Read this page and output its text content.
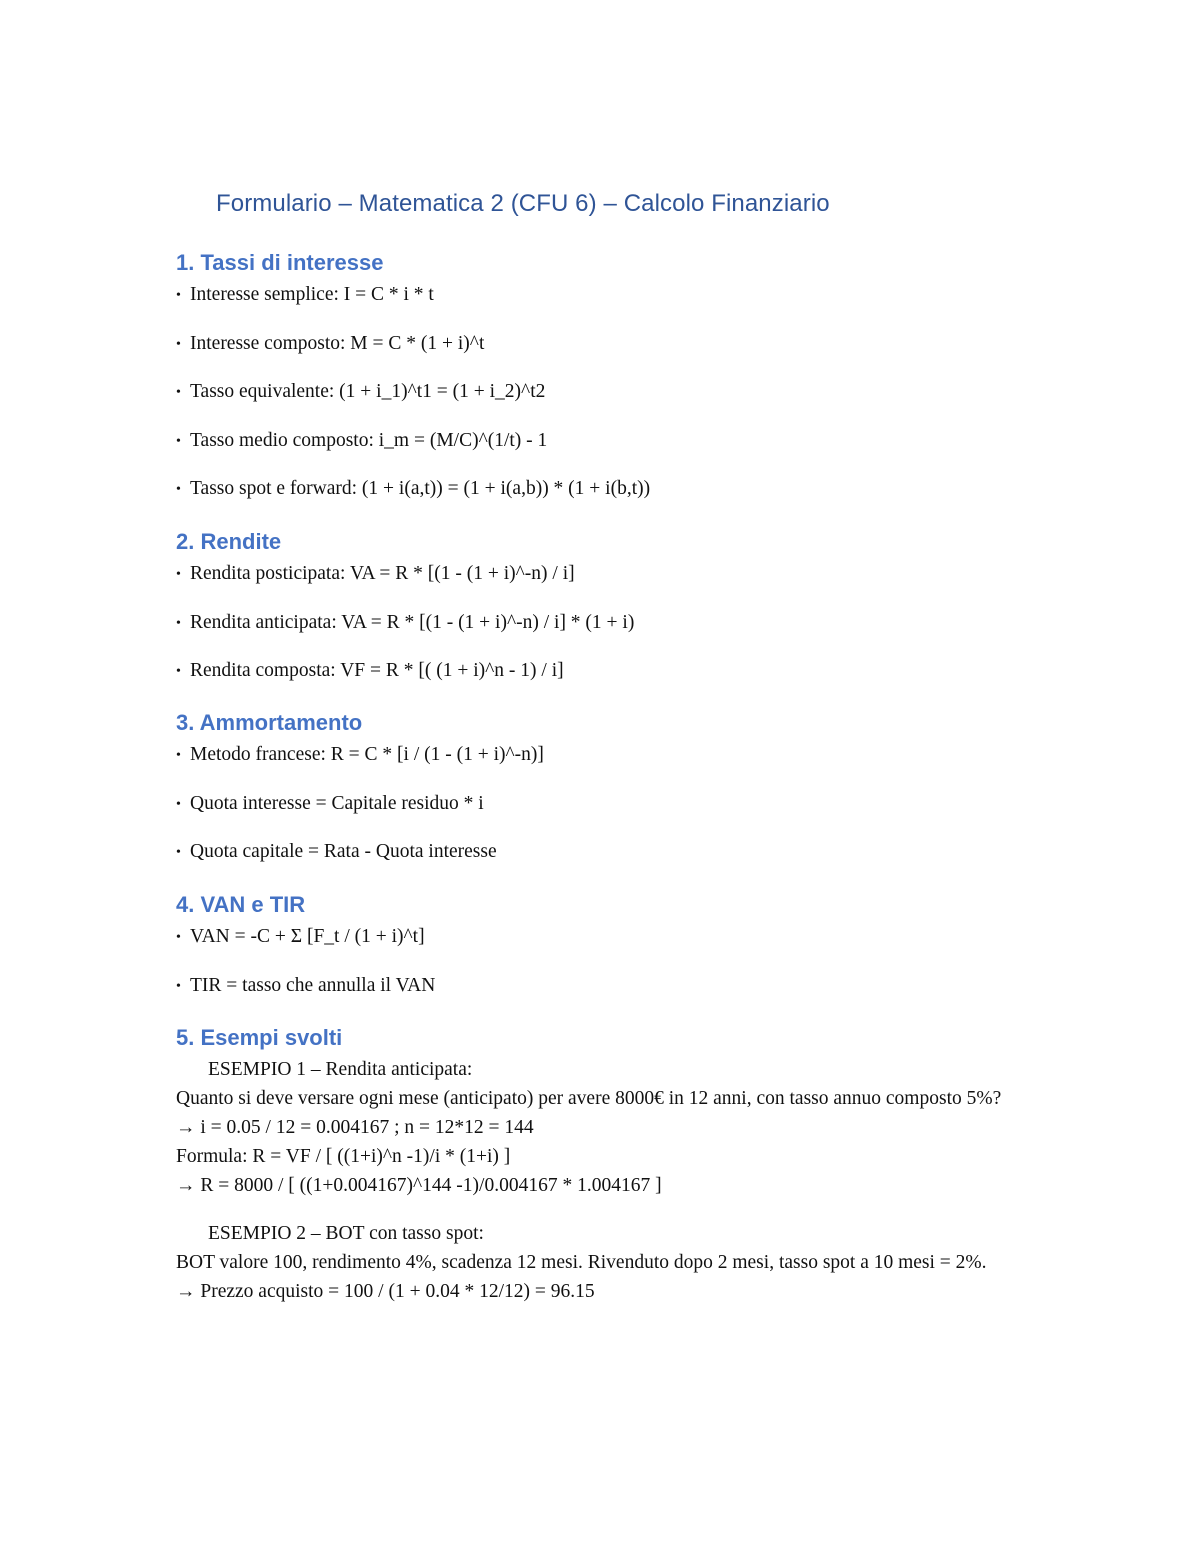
Formulario – Matematica 2 (CFU 6) – Calcolo Finanziario
1. Tassi di interesse
• Interesse semplice: I = C * i * t
• Interesse composto: M = C * (1 + i)^t
• Tasso equivalente: (1 + i_1)^t1 = (1 + i_2)^t2
• Tasso medio composto: i_m = (M/C)^(1/t) - 1
• Tasso spot e forward: (1 + i(a,t)) = (1 + i(a,b)) * (1 + i(b,t))
2. Rendite
• Rendita posticipata: VA = R * [(1 - (1 + i)^-n) / i]
• Rendita anticipata: VA = R * [(1 - (1 + i)^-n) / i] * (1 + i)
• Rendita composta: VF = R * [( (1 + i)^n - 1) / i]
3. Ammortamento
• Metodo francese: R = C * [i / (1 - (1 + i)^-n)]
• Quota interesse = Capitale residuo * i
• Quota capitale = Rata - Quota interesse
4. VAN e TIR
• VAN = -C + Σ [F_t / (1 + i)^t]
• TIR = tasso che annulla il VAN
5. Esempi svolti
ESEMPIO 1 – Rendita anticipata:
Quanto si deve versare ogni mese (anticipato) per avere 8000€ in 12 anni, con tasso annuo composto 5%?
→ i = 0.05 / 12 = 0.004167 ; n = 12*12 = 144
Formula: R = VF / [ ((1+i)^n -1)/i * (1+i) ]
→ R = 8000 / [ ((1+0.004167)^144 -1)/0.004167 * 1.004167 ]
ESEMPIO 2 – BOT con tasso spot:
BOT valore 100, rendimento 4%, scadenza 12 mesi. Rivenduto dopo 2 mesi, tasso spot a 10 mesi = 2%.
→ Prezzo acquisto = 100 / (1 + 0.04 * 12/12) = 96.15
